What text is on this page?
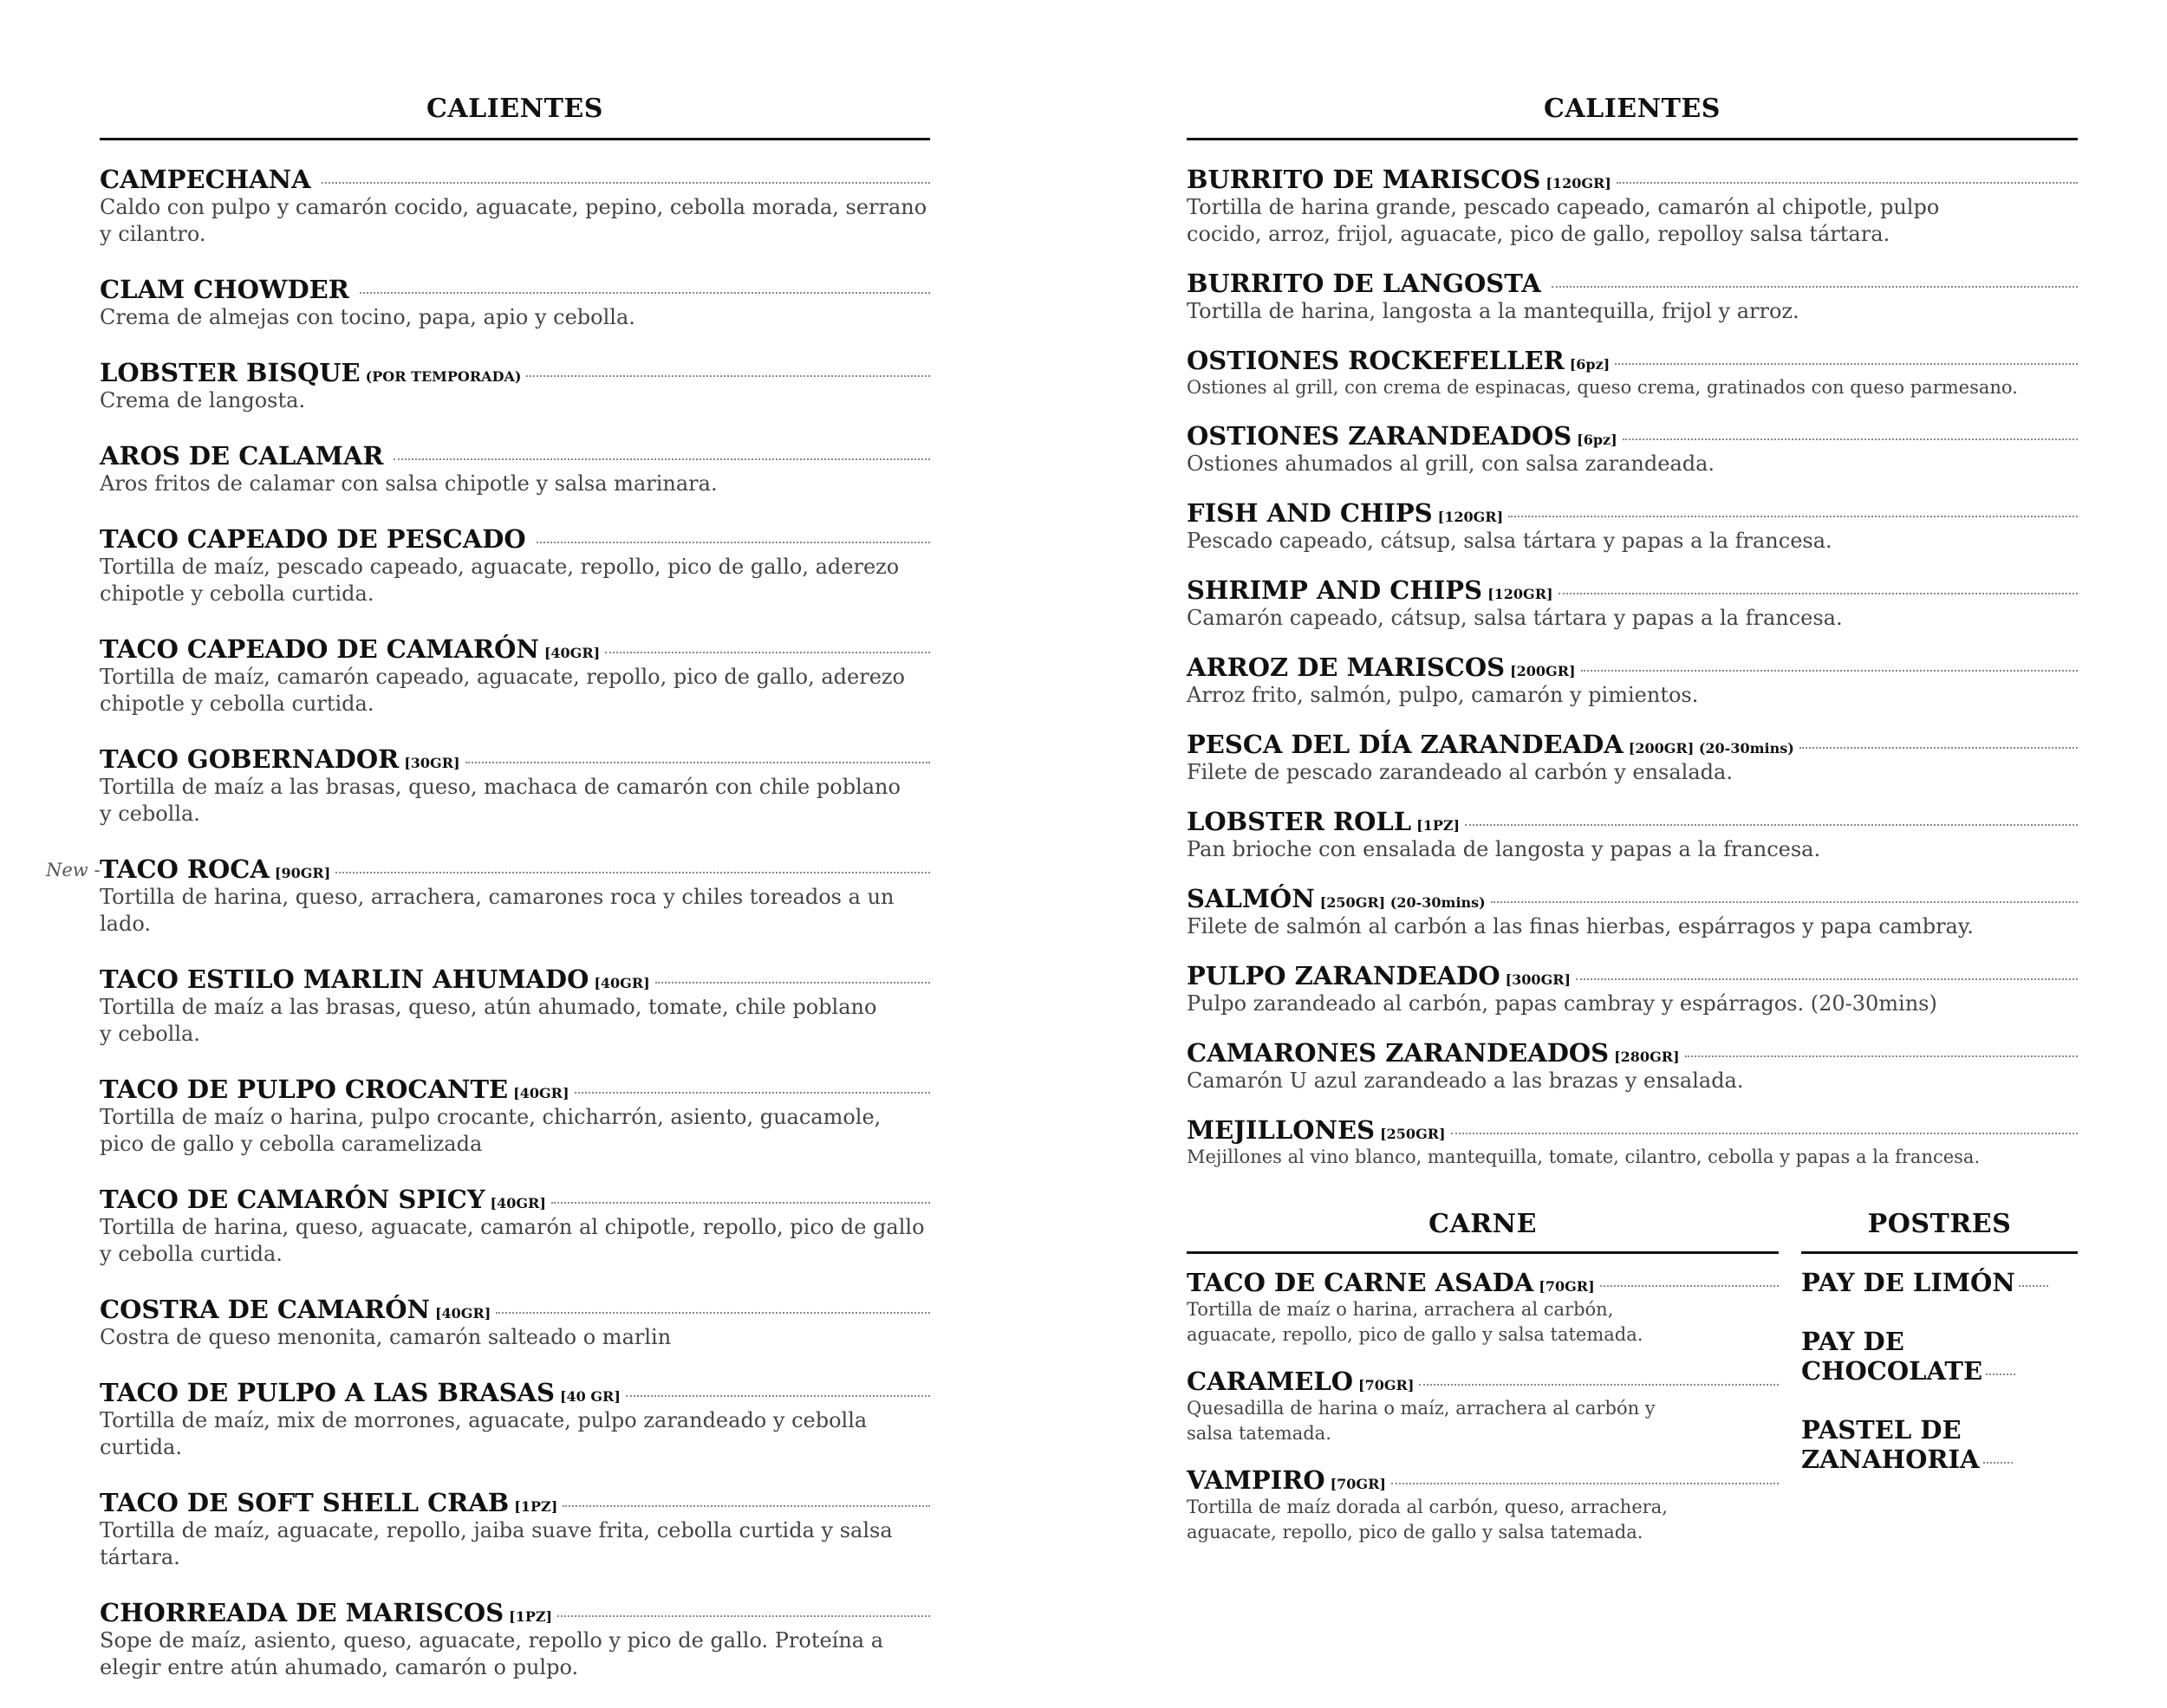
CALIENTES
CAMPECHANA
Caldo con pulpo y camarón cocido, aguacate, pepino, cebolla morada, serrano
y cilantro.
CLAM CHOWDER
Crema de almejas con tocino, papa, apio y cebolla.
LOBSTER BISQUE (POR TEMPORADA)
Crema de langosta.
AROS DE CALAMAR
Aros fritos de calamar con salsa chipotle y salsa marinara.
TACO CAPEADO DE PESCADO
Tortilla de maíz, pescado capeado, aguacate, repollo, pico de gallo, aderezo
chipotle y cebolla curtida.
TACO CAPEADO DE CAMARÓN [40GR]
Tortilla de maíz, camarón capeado, aguacate, repollo, pico de gallo, aderezo
chipotle y cebolla curtida.
TACO GOBERNADOR [30GR]
Tortilla de maíz a las brasas, queso, machaca de camarón con chile poblano
y cebolla.
New - TACO ROCA [90GR]
Tortilla de harina, queso, arrachera, camarones roca y chiles toreados a un lado.
TACO ESTILO MARLIN AHUMADO [40GR]
Tortilla de maíz a las brasas, queso, atún ahumado, tomate, chile poblano
y cebolla.
TACO DE PULPO CROCANTE [40GR]
Tortilla de maíz o harina, pulpo crocante, chicharrón, asiento, guacamole,
pico de gallo y cebolla caramelizada
TACO DE CAMARÓN SPICY [40GR]
Tortilla de harina, queso, aguacate, camarón al chipotle, repollo, pico de gallo
y cebolla curtida.
COSTRA DE CAMARÓN [40GR]
Costra de queso menonita, camarón salteado o marlin
TACO DE PULPO A LAS BRASAS [40 GR]
Tortilla de maíz, mix de morrones, aguacate, pulpo zarandeado y cebolla
curtida.
TACO DE SOFT SHELL CRAB [1PZ]
Tortilla de maíz, aguacate, repollo, jaiba suave frita, cebolla curtida y salsa
tártara.
CHORREADA DE MARISCOS [1PZ]
Sope de maíz, asiento, queso, aguacate, repollo y pico de gallo. Proteína a
elegir entre atún ahumado, camarón o pulpo.
CALIENTES
BURRITO DE MARISCOS [120GR]
Tortilla de harina grande, pescado capeado, camarón al chipotle, pulpo
cocido, arroz, frijol, aguacate, pico de gallo, repolloy salsa tártara.
BURRITO DE LANGOSTA
Tortilla de harina, langosta a la mantequilla, frijol y arroz.
OSTIONES ROCKEFELLER [6pz]
Ostiones al grill, con crema de espinacas, queso crema, gratinados con queso parmesano.
OSTIONES ZARANDEADOS [6pz]
Ostiones ahumados al grill, con salsa zarandeada.
FISH AND CHIPS [120GR]
Pescado capeado, cátsup, salsa tártara y papas a la francesa.
SHRIMP AND CHIPS [120GR]
Camarón capeado, cátsup, salsa tártara y papas a la francesa.
ARROZ DE MARISCOS [200GR]
Arroz frito, salmón, pulpo, camarón y pimientos.
PESCA DEL DÍA ZARANDEADA [200GR] (20-30mins)
Filete de pescado zarandeado al carbón y ensalada.
LOBSTER ROLL [1PZ]
Pan brioche con ensalada de langosta y papas a la francesa.
SALMÓN [250GR] (20-30mins)
Filete de salmón al carbón a las finas hierbas, espárragos y papa cambray.
PULPO ZARANDEADO [300GR]
Pulpo zarandeado al carbón, papas cambray y espárragos. (20-30mins)
CAMARONES ZARANDEADOS [280GR]
Camarón U azul zarandeado a las brazas y ensalada.
MEJILLONES [250GR]
Mejillones al vino blanco, mantequilla, tomate, cilantro, cebolla y papas a la francesa.
CARNE
TACO DE CARNE ASADA [70GR]
Tortilla de maíz o harina, arrachera al carbón,
aguacate, repollo, pico de gallo y salsa tatemada.
CARAMELO [70GR]
Quesadilla de harina o maíz, arrachera al carbón y
salsa tatemada.
VAMPIRO [70GR]
Tortilla de maíz dorada al carbón, queso, arrachera,
aguacate, repollo, pico de gallo y salsa tatemada.
POSTRES
PAY DE LIMÓN
PAY DE
CHOCOLATE
PASTEL DE
ZANAHORIA
